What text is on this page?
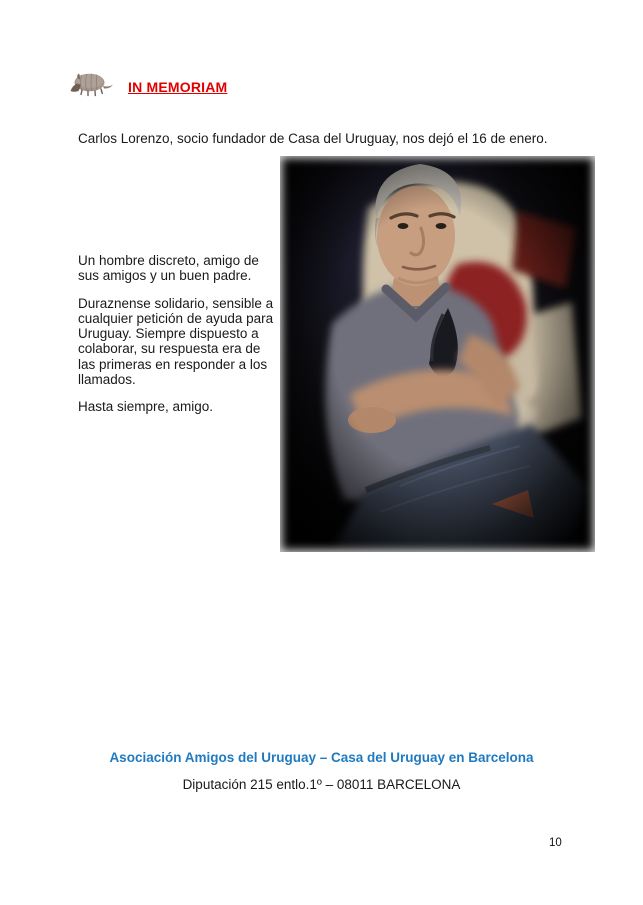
IN MEMORIAM
Carlos Lorenzo, socio fundador de Casa del Uruguay, nos dejó el 16 de enero.

Un hombre discreto, amigo de sus amigos y un buen padre.

Duraznense solidario, sensible a cualquier petición de ayuda para Uruguay. Siempre dispuesto a colaborar, su respuesta era de las primeras en responder a los llamados.

Hasta siempre, amigo.

Asociación Amigos del Uruguay – Casa del Uruguay en Barcelona
Diputación 215 entlo.1º – 08011 BARCELONA
10
